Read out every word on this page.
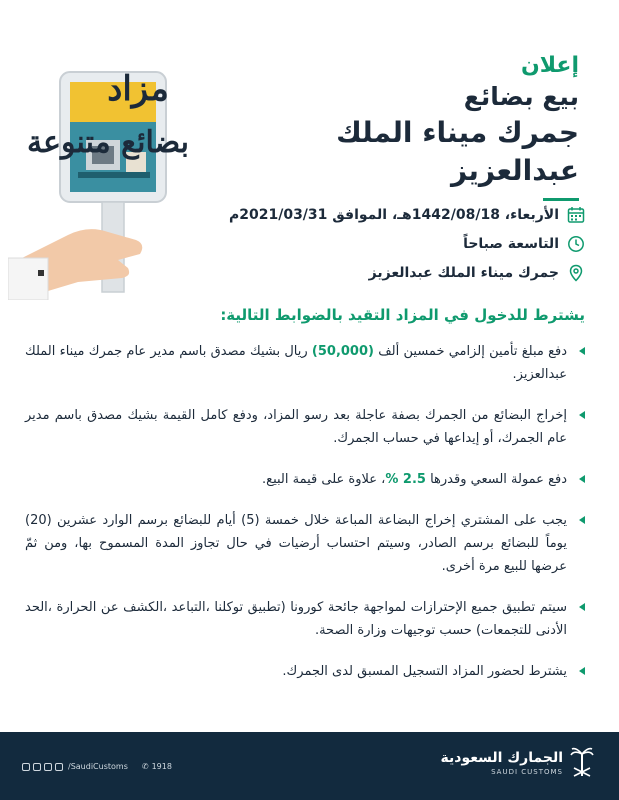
مزاد
بضائع متنوعة
إعلان
بيع بضائع
جمرك ميناء الملك عبدالعزيز
الأربعاء، 1442/08/18هـ، الموافق 2021/03/31م
التاسعة صباحاً
جمرك ميناء الملك عبدالعزيز
يشترط للدخول في المزاد التقيد بالضوابط التالية:
دفع مبلغ تأمين إلزامي خمسين ألف (50,000) ريال بشيك مصدق باسم مدير عام جمرك ميناء الملك عبدالعزيز.
إخراج البضائع من الجمرك بصفة عاجلة بعد رسو المزاد، ودفع كامل القيمة بشيك مصدق باسم مدير عام الجمرك، أو إيداعها في حساب الجمرك.
دفع عمولة السعي وقدرها 2.5 %، علاوة على قيمة البيع.
يجب على المشتري إخراج البضاعة المباعة خلال خمسة (5) أيام للبضائع برسم الوارد عشرين (20) يوماً للبضائع برسم الصادر، وسيتم احتساب أرضيات في حال تجاوز المدة المسموح بها، ومن ثمّ عرضها للبيع مرة أخرى.
سيتم تطبيق جميع الإحترازات لمواجهة جائحة كورونا (تطبيق توكلنا ،التباعد ،الكشف عن الحرارة ،الحد الأدنى للتجمعات) حسب توجيهات وزارة الصحة.
يشترط لحضور المزاد التسجيل المسبق لدى الجمرك.
الجمارك السعودية
SAUDI CUSTOMS
/SaudiCustoms ✆ 1918
